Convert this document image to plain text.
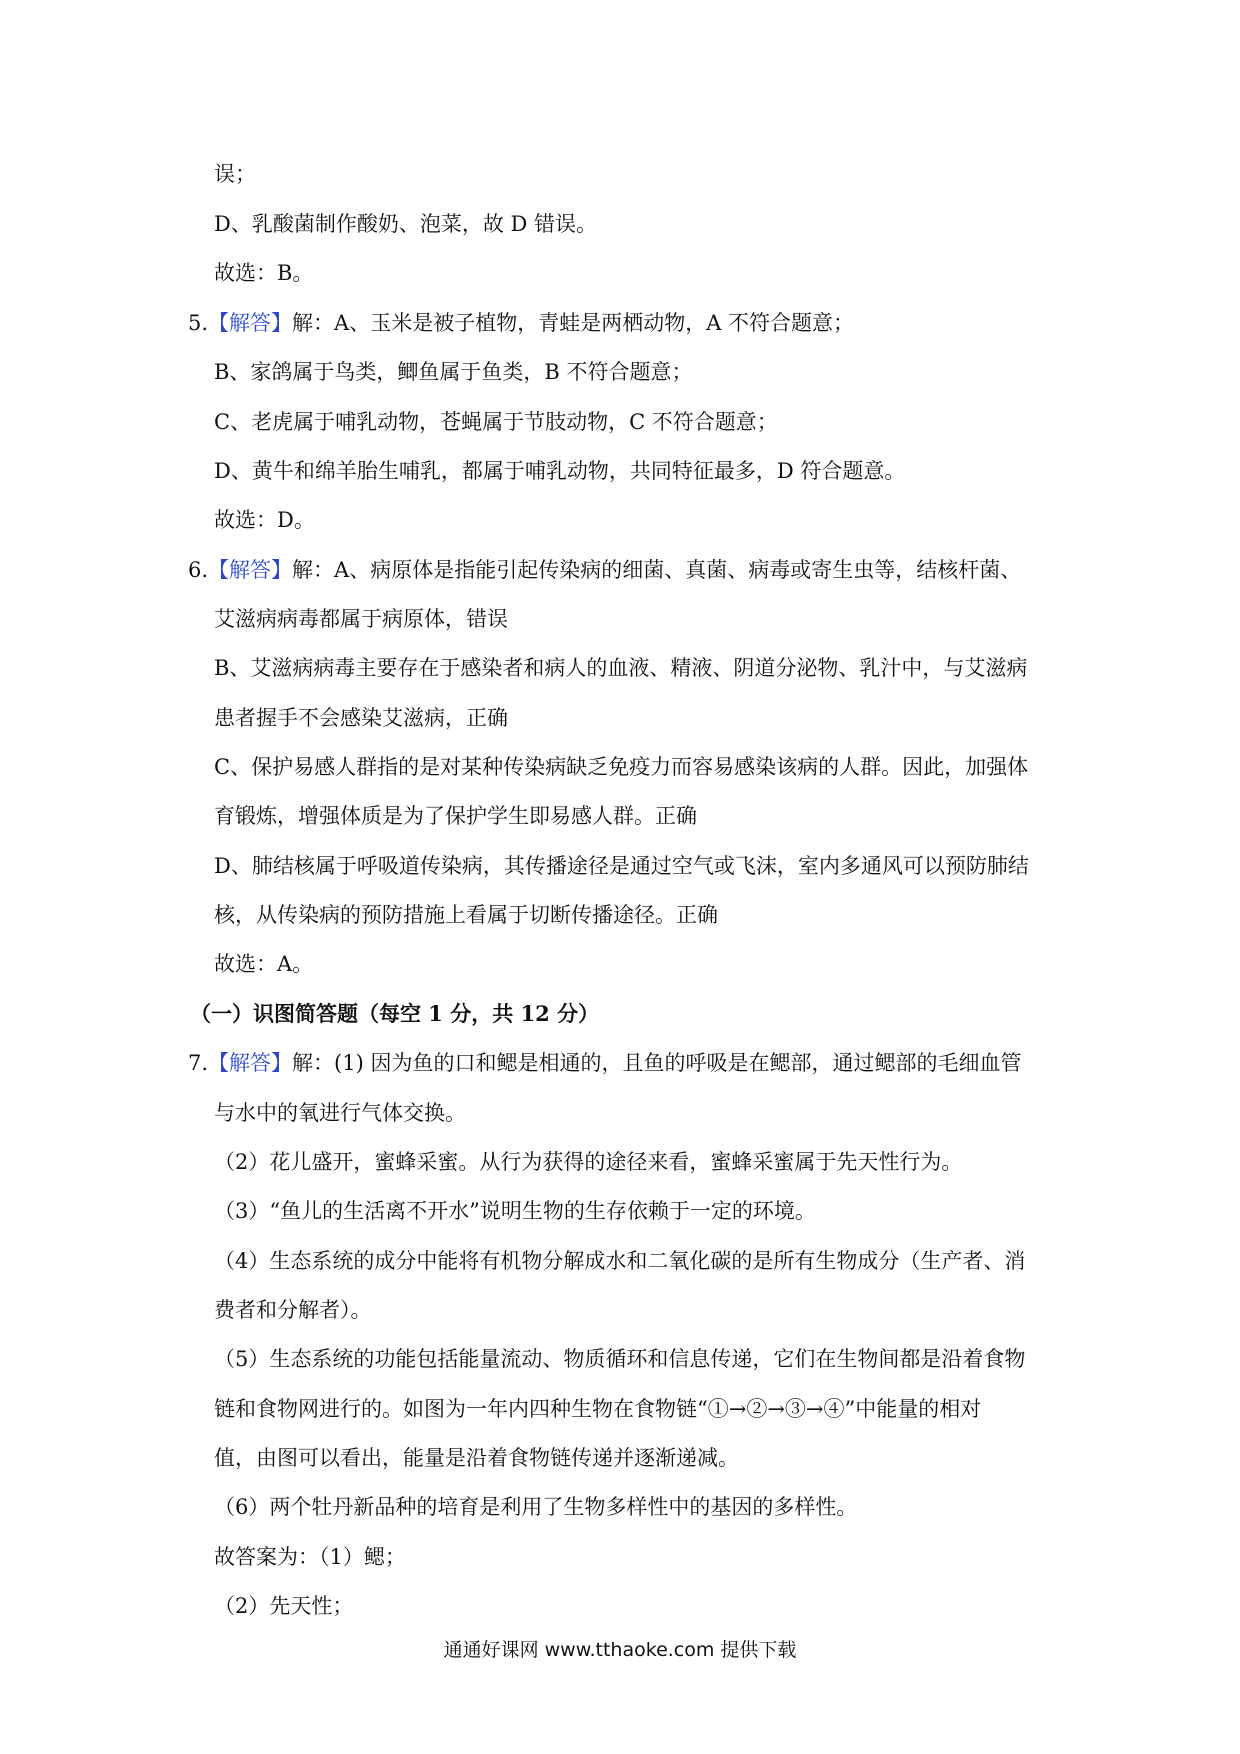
误；
D、乳酸菌制作酸奶、泡菜，故 D 错误。
故选：B。
5.【解答】解：A、玉米是被子植物，青蛙是两栖动物，A 不符合题意；
B、家鸽属于鸟类，鲫鱼属于鱼类，B 不符合题意；
C、老虎属于哺乳动物，苍蝇属于节肢动物，C 不符合题意；
D、黄牛和绵羊胎生哺乳，都属于哺乳动物，共同特征最多，D 符合题意。
故选：D。
6.【解答】解：A、病原体是指能引起传染病的细菌、真菌、病毒或寄生虫等，结核杆菌、
艾滋病病毒都属于病原体，错误
B、艾滋病病毒主要存在于感染者和病人的血液、精液、阴道分泌物、乳汁中，与艾滋病
患者握手不会感染艾滋病，正确
C、保护易感人群指的是对某种传染病缺乏免疫力而容易感染该病的人群。因此，加强体
育锻炼，增强体质是为了保护学生即易感人群。正确
D、肺结核属于呼吸道传染病，其传播途径是通过空气或飞沫，室内多通风可以预防肺结
核，从传染病的预防措施上看属于切断传播途径。正确
故选：A。
（一）识图简答题（每空 1 分，共 12 分）
7.【解答】解：(1) 因为鱼的口和鳃是相通的，且鱼的呼吸是在鳃部，通过鳃部的毛细血管
与水中的氧进行气体交换。
（2）花儿盛开，蜜蜂采蜜。从行为获得的途径来看，蜜蜂采蜜属于先天性行为。
（3）“鱼儿的生活离不开水”说明生物的生存依赖于一定的环境。
（4）生态系统的成分中能将有机物分解成水和二氧化碳的是所有生物成分（生产者、消
费者和分解者）。
（5）生态系统的功能包括能量流动、物质循环和信息传递，它们在生物间都是沿着食物
链和食物网进行的。如图为一年内四种生物在食物链“①→②→③→④”中能量的相对
值，由图可以看出，能量是沿着食物链传递并逐渐递减。
（6）两个牡丹新品种的培育是利用了生物多样性中的基因的多样性。
故答案为：（1）鳃；
（2）先天性；
通通好课网 www.tthaoke.com 提供下载
